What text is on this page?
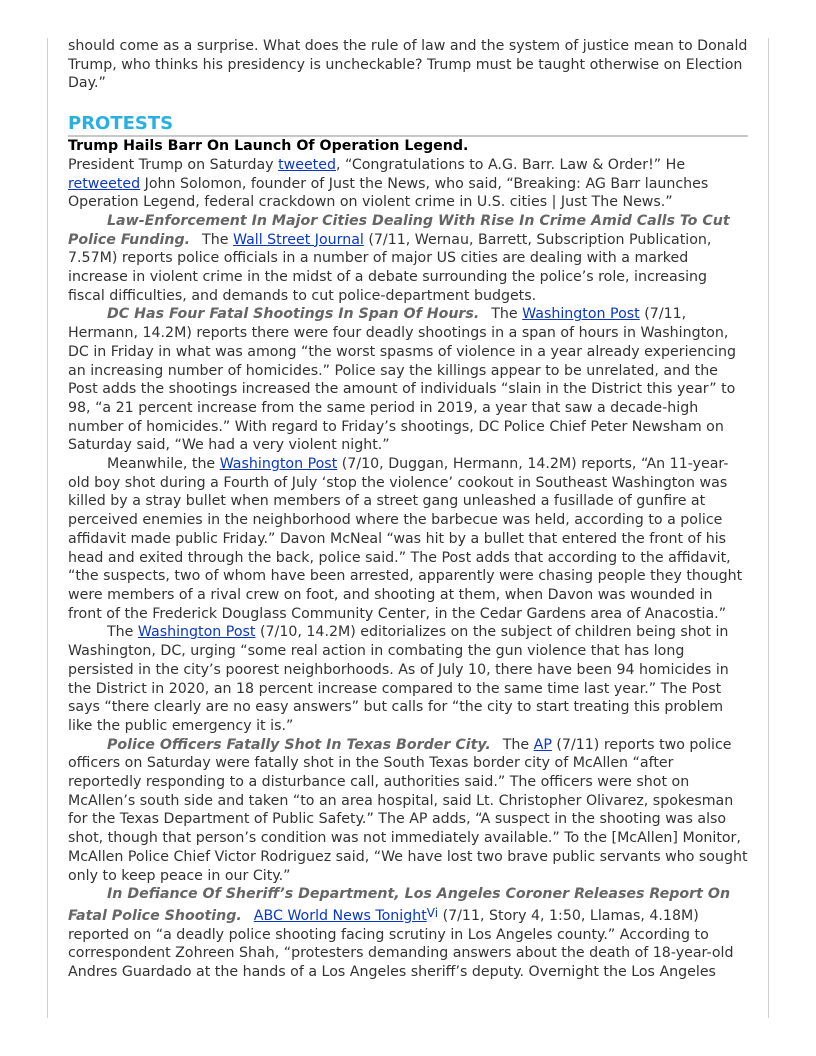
should come as a surprise. What does the rule of law and the system of justice mean to Donald Trump, who thinks his presidency is uncheckable? Trump must be taught otherwise on Election Day.”

PROTESTS

Trump Hails Barr On Launch Of Operation Legend.

President Trump on Saturday tweeted, “Congratulations to A.G. Barr. Law & Order!” He retweeted John Solomon, founder of Just the News, who said, “Breaking: AG Barr launches Operation Legend, federal crackdown on violent crime in U.S. cities | Just The News.”

Law-Enforcement In Major Cities Dealing With Rise In Crime Amid Calls To Cut Police Funding. The Wall Street Journal (7/11, Wernau, Barrett, Subscription Publication, 7.57M) reports police officials in a number of major US cities are dealing with a marked increase in violent crime in the midst of a debate surrounding the police’s role, increasing fiscal difficulties, and demands to cut police-department budgets.

DC Has Four Fatal Shootings In Span Of Hours. The Washington Post (7/11, Hermann, 14.2M) reports there were four deadly shootings in a span of hours in Washington, DC in Friday in what was among “the worst spasms of violence in a year already experiencing an increasing number of homicides.” Police say the killings appear to be unrelated, and the Post adds the shootings increased the amount of individuals “slain in the District this year” to 98, “a 21 percent increase from the same period in 2019, a year that saw a decade-high number of homicides.” With regard to Friday’s shootings, DC Police Chief Peter Newsham on Saturday said, “We had a very violent night.”

Meanwhile, the Washington Post (7/10, Duggan, Hermann, 14.2M) reports, “An 11-year-old boy shot during a Fourth of July ‘stop the violence’ cookout in Southeast Washington was killed by a stray bullet when members of a street gang unleashed a fusillade of gunfire at perceived enemies in the neighborhood where the barbecue was held, according to a police affidavit made public Friday.” Davon McNeal “was hit by a bullet that entered the front of his head and exited through the back, police said.” The Post adds that according to the affidavit, “the suspects, two of whom have been arrested, apparently were chasing people they thought were members of a rival crew on foot, and shooting at them, when Davon was wounded in front of the Frederick Douglass Community Center, in the Cedar Gardens area of Anacostia.”

The Washington Post (7/10, 14.2M) editorializes on the subject of children being shot in Washington, DC, urging “some real action in combating the gun violence that has long persisted in the city’s poorest neighborhoods. As of July 10, there have been 94 homicides in the District in 2020, an 18 percent increase compared to the same time last year.” The Post says “there clearly are no easy answers” but calls for “the city to start treating this problem like the public emergency it is.”

Police Officers Fatally Shot In Texas Border City. The AP (7/11) reports two police officers on Saturday were fatally shot in the South Texas border city of McAllen “after reportedly responding to a disturbance call, authorities said.” The officers were shot on McAllen’s south side and taken “to an area hospital, said Lt. Christopher Olivarez, spokesman for the Texas Department of Public Safety.” The AP adds, “A suspect in the shooting was also shot, though that person’s condition was not immediately available.” To the [McAllen] Monitor, McAllen Police Chief Victor Rodriguez said, “We have lost two brave public servants who sought only to keep peace in our City.”

In Defiance Of Sheriff’s Department, Los Angeles Coroner Releases Report On Fatal Police Shooting. ABC World News Tonight$^{Vi}$ (7/11, Story 4, 1:50, Llamas, 4.18M) reported on “a deadly police shooting facing scrutiny in Los Angeles county.” According to correspondent Zohreen Shah, “protesters demanding answers about the death of 18-year-old Andres Guardado at the hands of a Los Angeles sheriff’s deputy. Overnight the Los Angeles
